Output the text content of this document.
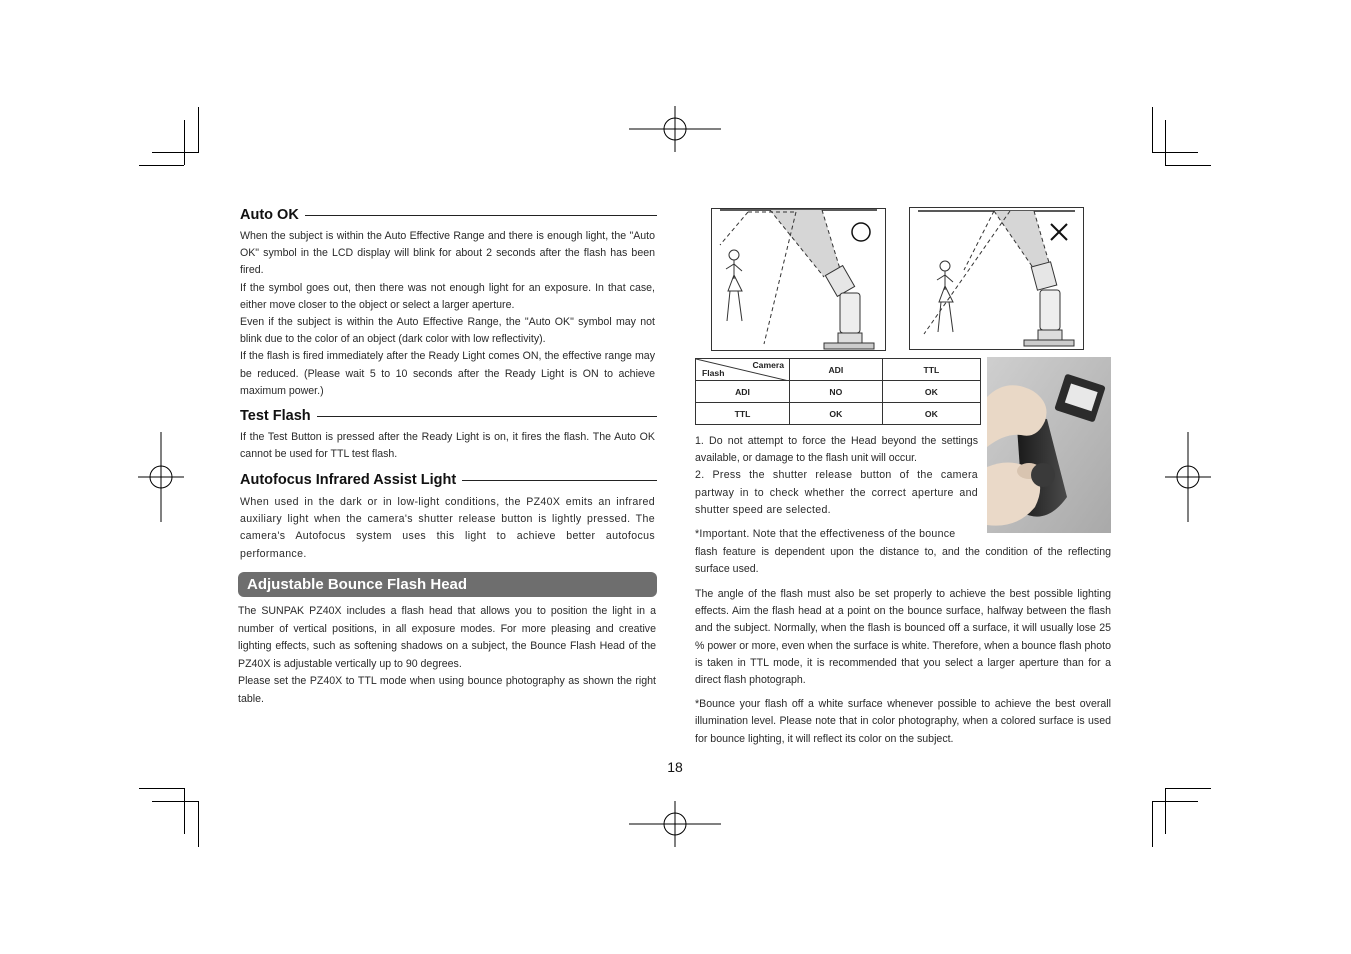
Auto OK

When the subject is within the Auto Effective Range and there is enough light, the "Auto OK" symbol in the LCD display will blink for about 2 seconds after the flash has been fired.

If the symbol goes out, then there was not enough light for an exposure. In that case, either move closer to the object or select a larger aperture.

Even if the subject is within the Auto Effective Range, the "Auto OK" symbol may not blink due to the color of an object (dark color with low reflectivity).

If the flash is fired immediately after the Ready Light comes ON, the effective range may be reduced. (Please wait 5 to 10 seconds after the Ready Light is ON to achieve maximum power.)

Test Flash

If the Test Button is pressed after the Ready Light is on, it fires the flash. The Auto OK cannot be used for TTL test flash.

Autofocus Infrared Assist Light

When used in the dark or in low-light conditions, the PZ40X emits an infrared auxiliary light when the camera's shutter release button is lightly pressed. The camera's Autofocus system uses this light to achieve better autofocus performance.

Adjustable Bounce Flash Head

The SUNPAK PZ40X includes a flash head that allows you to position the light in a number of vertical positions, in all exposure modes. For more pleasing and creative lighting effects, such as softening shadows on a subject, the Bounce Flash Head of the PZ40X is adjustable vertically up to 90 degrees.

Please set the PZ40X to TTL mode when using bounce photography as shown the right table.

Camera
Flash	ADI	TTL
ADI	NO	OK
TTL	OK	OK

1. Do not attempt to force the Head beyond the settings available, or damage to the flash unit will occur.

2. Press the shutter release button of the camera partway in to check whether the correct aperture and shutter speed are selected.

*Important. Note that the effectiveness of the bounce
flash feature is dependent upon the distance to, and the condition of the reflecting surface used.
The angle of the flash must also be set properly to achieve the best possible lighting effects. Aim the flash head at a point on the bounce surface, halfway between the flash and the subject. Normally, when the flash is bounced off a surface, it will usually lose 25 % power or more, even when the surface is white. Therefore, when a bounce flash photo is taken in TTL mode, it is recommended that you select a larger aperture than for a direct flash photograph.
*Bounce your flash off a white surface whenever possible to achieve the best overall illumination level. Please note that in color photography, when a colored surface is used for bounce lighting, it will reflect its color on the subject.
18
